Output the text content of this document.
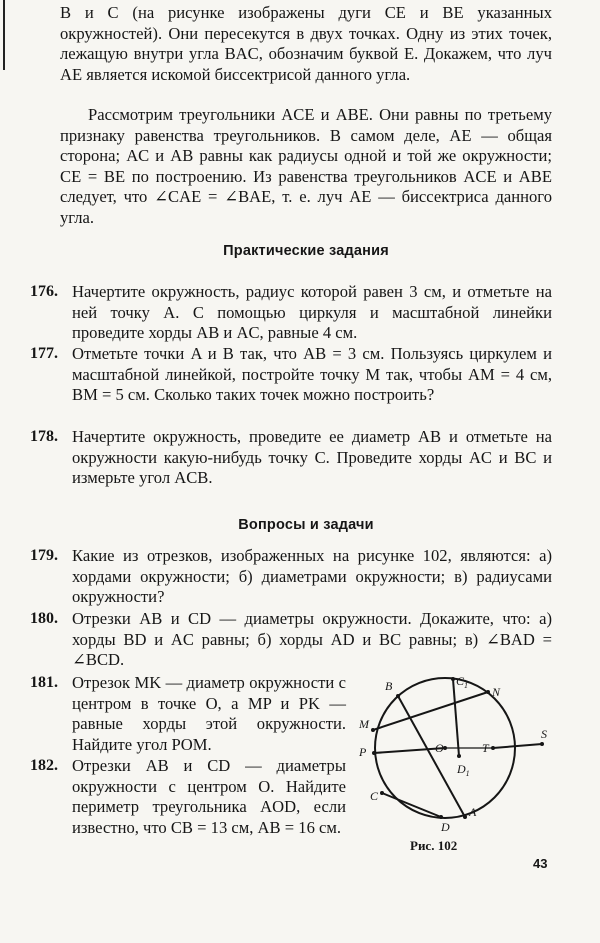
B и C (на рисунке изображены дуги CE и BE указанных окружностей). Они пересекутся в двух точках. Одну из этих точек, лежащую внутри угла BAC, обозначим буквой E. Докажем, что луч AE является искомой биссектрисой данного угла.

Рассмотрим треугольники ACE и ABE. Они равны по третьему признаку равенства треугольников. В самом деле, AE — общая сторона; AC и AB равны как радиусы одной и той же окружности; CE = BE по построению. Из равенства треугольников ACE и ABE следует, что ∠CAE = ∠BAE, т. е. луч AE — биссектриса данного угла.

Практические задания
176. Начертите окружность, радиус которой равен 3 см, и отметьте на ней точку A. С помощью циркуля и масштабной линейки проведите хорды AB и AC, равные 4 см.
177. Отметьте точки A и B так, что AB = 3 см. Пользуясь циркулем и масштабной линейкой, постройте точку M так, чтобы AM = 4 см, BM = 5 см. Сколько таких точек можно построить?
178. Начертите окружность, проведите ее диаметр AB и отметьте на окружности какую-нибудь точку C. Проведите хорды AC и BC и измерьте угол ACB.
Вопросы и задачи
179. Какие из отрезков, изображенных на рисунке 102, являются: а) хордами окружности; б) диаметрами окружности; в) радиусами окружности?
180. Отрезки AB и CD — диаметры окружности. Докажите, что: а) хорды BD и AC равны; б) хорды AD и BC равны; в) ∠BAD = ∠BCD.
181. Отрезок MK — диаметр окружности с центром в точке O, а MP и PK — равные хорды этой окружности. Найдите угол POM.
182. Отрезки AB и CD — диаметры окружности с центром O. Найдите периметр треугольника AOD, если известно, что CB = 13 см, AB = 16 см.
B	$C_1$ N
M
P	O	T
S
$D_1$
C
A
D
Рис. 102
43
